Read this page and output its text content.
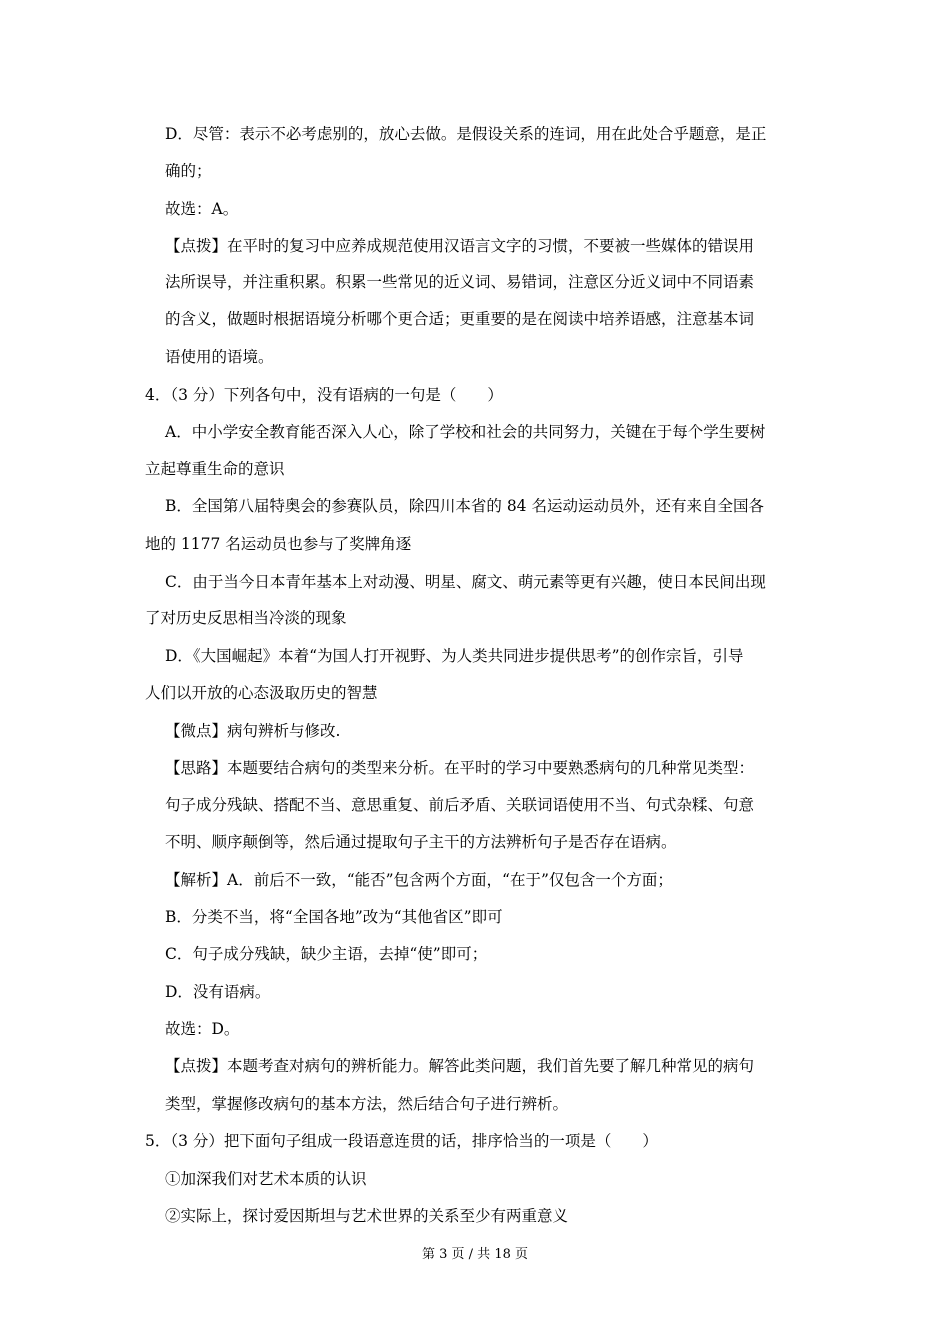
D．尽管：表示不必考虑别的，放心去做。是假设关系的连词，用在此处合乎题意，是正
确的；
故选：A。
【点拨】在平时的复习中应养成规范使用汉语言文字的习惯，不要被一些媒体的错误用
法所误导，并注重积累。积累一些常见的近义词、易错词，注意区分近义词中不同语素
的含义，做题时根据语境分析哪个更合适；更重要的是在阅读中培养语感，注意基本词
语使用的语境。
4．（3 分）下列各句中，没有语病的一句是（　　）
A．中小学安全教育能否深入人心，除了学校和社会的共同努力，关键在于每个学生要树
立起尊重生命的意识
B．全国第八届特奥会的参赛队员，除四川本省的 84 名运动运动员外，还有来自全国各
地的 1177 名运动员也参与了奖牌角逐
C．由于当今日本青年基本上对动漫、明星、腐文、萌元素等更有兴趣，使日本民间出现
了对历史反思相当冷淡的现象
D．《大国崛起》本着“为国人打开视野、为人类共同进步提供思考”的创作宗旨，引导
人们以开放的心态汲取历史的智慧
【微点】病句辨析与修改.
【思路】本题要结合病句的类型来分析。在平时的学习中要熟悉病句的几种常见类型：
句子成分残缺、搭配不当、意思重复、前后矛盾、关联词语使用不当、句式杂糅、句意
不明、顺序颠倒等，然后通过提取句子主干的方法辨析句子是否存在语病。
【解析】A．前后不一致，“能否”包含两个方面，“在于”仅包含一个方面；
B．分类不当，将“全国各地”改为“其他省区”即可
C．句子成分残缺，缺少主语，去掉“使”即可；
D．没有语病。
故选：D。
【点拨】本题考查对病句的辨析能力。解答此类问题，我们首先要了解几种常见的病句
类型，掌握修改病句的基本方法，然后结合句子进行辨析。
5．（3 分）把下面句子组成一段语意连贯的话，排序恰当的一项是（　　）
①加深我们对艺术本质的认识
②实际上，探讨爱因斯坦与艺术世界的关系至少有两重意义
第 3 页 / 共 18 页
